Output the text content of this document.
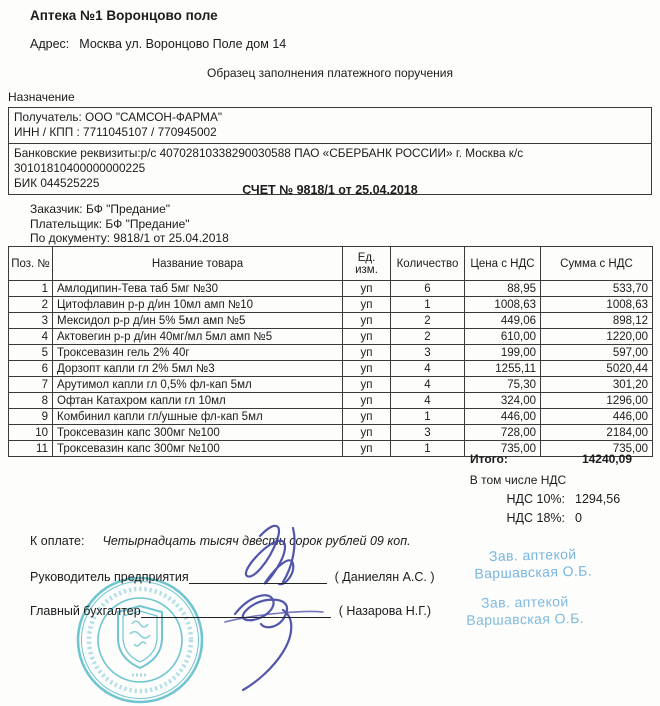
Аптека №1 Воронцово поле
Адрес: Москва ул. Воронцово Поле дом 14
Образец заполнения платежного поручения
Назначение
Получатель: ООО "САМСОН-ФАРМА"
ИНН / КПП : 7711045107 / 770945002
Банковские реквизиты:р/с 40702810338290030588 ПАО «СБЕРБАНК РОССИИ» г. Москва к/с 30101810400000000225
БИК 044525225	СЧЕТ № 9818/1 от 25.04.2018
Заказчик: БФ "Предание"
Плательщик: БФ "Предание"
По документу: 9818/1 от 25.04.2018
Поз. №	Название товара	Ед. изм.	Количество	Цена с НДС	Сумма с НДС
1	Амлодипин-Тева таб 5мг №30	уп	6	88,95	533,70
2	Цитофлавин р-р д/ин 10мл амп №10	уп	1	1008,63	1008,63
3	Мексидол р-р д/ин 5% 5мл амп №5	уп	2	449,06	898,12
4	Актовегин р-р д/ин 40мг/мл 5мл амп №5	уп	2	610,00	1220,00
5	Троксевазин гель 2% 40г	уп	3	199,00	597,00
6	Дорзопт капли гл 2% 5мл №3	уп	4	1255,11	5020,44
7	Арутимол капли гл 0,5% фл-кап 5мл	уп	4	75,30	301,20
8	Офтан Катахром капли гл 10мл	уп	4	324,00	1296,00
9	Комбинил капли гл/ушные фл-кап 5мл	уп	1	446,00	446,00
10	Троксевазин капс 300мг №100	уп	3	728,00	2184,00
11	Троксевазин капс 300мг №100	уп	1	735,00	735,00
Итого:	14240,09
В том числе НДС
НДС 10%: 1294,56
НДС 18%: 0
К оплате: Четырнадцать тысяч двести сорок рублей 09 коп.
Руководитель предприятия	( Даниелян А.С. )
Главный бухгалтер	( Назарова Н.Г.)
Зав. аптекой
Варшавская О.Б.
Зав. аптекой
Варшавская О.Б.
